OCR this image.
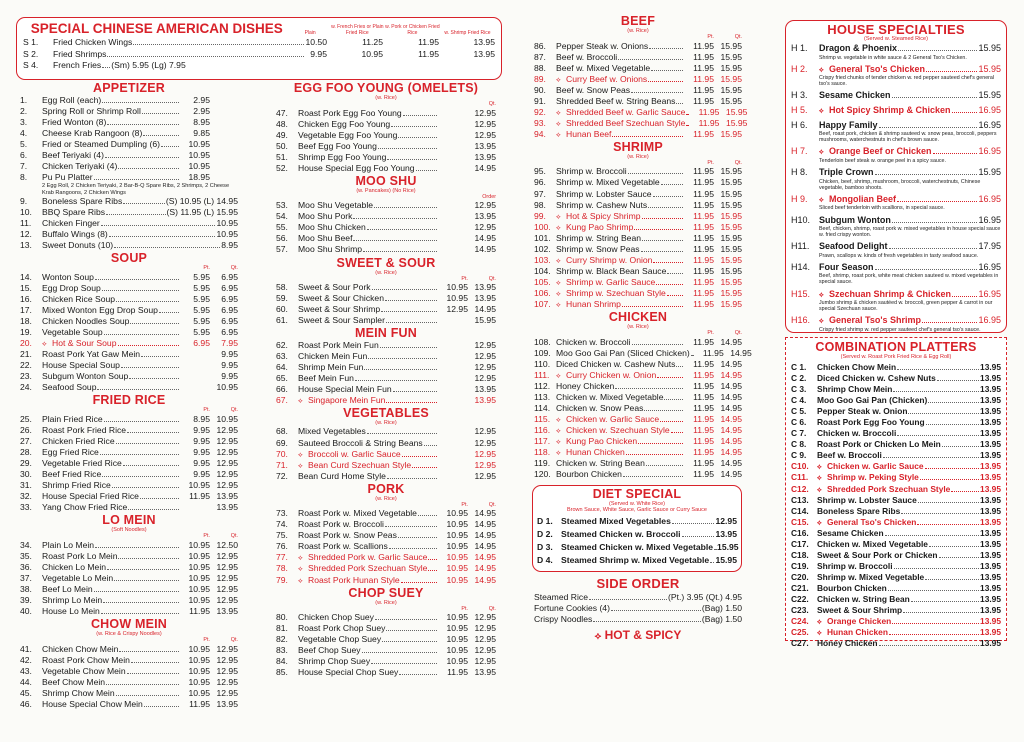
SPECIAL CHINESE AMERICAN DISHES	Plain
w. French Fries or Plain Fried Rice
w. Pork or Chicken Fried Rice	w. Shrimp Fried Rice
S 1.	Fried Chicken Wings	10.50	11.25	11.95	13.95
S 2.	Fried Shrimps	9.95	10.95	11.95	13.95
S 4.	French Fries (Sm) 5.95 (Lg) 7.95
APPETIZER
1.	Egg Roll (each)	2.95
2.	Spring Roll or Shrimp Roll	2.95
3.	Fried Wonton (8)	8.95
4.	Cheese Krab Rangoon (8)	9.85
5.	Fried or Steamed Dumpling (6)	10.95
6.	Beef Teriyaki (4)	10.95
7.	Chicken Teriyaki (4)	10.95
8.	Pu Pu Platter	18.95
2 Egg Roll, 2 Chicken Teriyaki, 2 Bar-B-Q Spare Ribs, 2 Shrimps, 2 Cheese Krab Rangoons, 2 Chicken Wings
9.	Boneless Spare Ribs	(S) 10.95 (L) 14.95
10.	BBQ Spare Ribs	(S) 11.95 (L) 15.95
11.	Chicken Finger	10.95
12.	Buffalo Wings (8)	10.95
13.	Sweet Donuts (10)	8.95
SOUP
Pt.	Qt.
14.	Wonton Soup	5.95	6.95
15.	Egg Drop Soup	5.95	6.95
16.	Chicken Rice Soup	5.95	6.95
17.	Mixed Wonton Egg Drop Soup	5.95	6.95
18.	Chicken Noodles Soup	5.95	6.95
19.	Vegetable Soup	5.95	6.95
20.	⟡ Hot & Sour Soup	6.95	7.95
21.	Roast Pork Yat Gaw Mein	9.95
22.	House Special Soup	9.95
23.	Subgum Wonton Soup	9.95
24.	Seafood Soup	10.95
FRIED RICE
Pt.	Qt.
25.	Plain Fried Rice	8.95 10.95
26.	Roast Pork Fried Rice	9.95 12.95
27.	Chicken Fried Rice	9.95 12.95
28.	Egg Fried Rice	9.95 12.95
29.	Vegetable Fried Rice	9.95 12.95
30.	Beef Fried Rice	9.95 12.95
31.	Shrimp Fried Rice	10.95 12.95
32.	House Special Fried Rice	11.95 13.95
33.	Yang Chow Fried Rice	13.95
LO MEIN
(Soft Noodles)
Pt.	Qt.
34.	Plain Lo Mein	10.95 12.50
35.	Roast Pork Lo Mein	10.95 12.95
36.	Chicken Lo Mein	10.95 12.95
37.	Vegetable Lo Mein	10.95 12.95
38.	Beef Lo Mein	10.95 12.95
39.	Shrimp Lo Mein	10.95 12.95
40.	House Lo Mein	11.95 13.95
CHOW MEIN
(w. Rice & Crispy Noodles)
Pt.	Qt.
41.	Chicken Chow Mein	10.95 12.95
42.	Roast Pork Chow Mein	10.95 12.95
43.	Vegetable Chow Mein	10.95 12.95
44.	Beef Chow Mein	10.95 12.95
45.	Shrimp Chow Mein	10.95 12.95
46.	House Special Chow Mein	11.95 13.95
EGG FOO YOUNG (OMELETS)
(w. Rice)
Qt.
47.	Roast Pork Egg Foo Young	12.95
48.	Chicken Egg Foo Young	12.95
49.	Vegetable Egg Foo Young	12.95
50.	Beef Egg Foo Young	13.95
51.	Shrimp Egg Foo Young	13.95
52.	House Special Egg Foo Young	14.95
MOO SHU
(w. Pancakes) (No Rice)
Order
53.	Moo Shu Vegetable	12.95
54.	Moo Shu Pork	13.95
55.	Moo Shu Chicken	12.95
56.	Moo Shu Beef	14.95
57.	Moo Shu Shrimp	14.95
SWEET & SOUR
(w. Rice)
Pt.	Qt.
58.	Sweet & Sour Pork	10.95 13.95
59.	Sweet & Sour Chicken	10.95 13.95
60.	Sweet & Sour Shrimp	12.95 14.95
61.	Sweet & Sour Sampler	15.95
MEIN FUN
62.	Roast Pork Mein Fun	12.95
63.	Chicken Mein Fun	12.95
64.	Shrimp Mein Fun	12.95
65.	Beef Mein Fun	12.95
66.	House Special Mein Fun	13.95
67.	⟡ Singapore Mein Fun	13.95
VEGETABLES
(w. Rice)
68.	Mixed Vegetables	12.95
69.	Sauteed Broccoli & String Beans	12.95
70.	⟡ Broccoli w. Garlic Sauce	12.95
71.	⟡ Bean Curd Szechuan Style	12.95
72.	Bean Curd Home Style	12.95
PORK
(w. Rice)
Pt.	Qt.
73.	Roast Pork w. Mixed Vegetable	10.95 14.95
74.	Roast Pork w. Broccoli	10.95 14.95
75.	Roast Pork w. Snow Peas	10.95 14.95
76.	Roast Pork w. Scallions	10.95 14.95
77.	⟡ Shredded Pork w. Garlic Sauce	10.95 14.95
78.	⟡ Shredded Pork Szechuan Style	10.95 14.95
79.	⟡ Roast Pork Hunan Style	10.95 14.95
CHOP SUEY
(w. Rice)
Pt.	Qt.
80.	Chicken Chop Suey	10.95 12.95
81.	Roast Pork Chop Suey	10.95 12.95
82.	Vegetable Chop Suey	10.95 12.95
83.	Beef Chop Suey	10.95 12.95
84.	Shrimp Chop Suey	10.95 12.95
85.	House Special Chop Suey	11.95 13.95
BEEF
(w. Rice)
Pt.	Qt.
86.	Pepper Steak w. Onions	11.95 15.95
87.	Beef w. Broccoli	11.95 15.95
88.	Beef w. Mixed Vegetable	11.95 15.95
89.	⟡ Curry Beef w. Onions	11.95 15.95
90.	Beef w. Snow Peas	11.95 15.95
91.	Shredded Beef w. String Beans	11.95 15.95
92.	⟡ Shredded Beef w. Garlic Sauce	11.95 15.95
93.	⟡ Shredded Beef Szechuan Style	11.95 15.95
94.	⟡ Hunan Beef	11.95 15.95
SHRIMP
(w. Rice)
Pt.	Qt.
95.	Shrimp w. Broccoli	11.95 15.95
96.	Shrimp w. Mixed Vegetable	11.95 15.95
97.	Shrimp w. Lobster Sauce	11.95 15.95
98.	Shrimp w. Cashew Nuts	11.95 15.95
99.	⟡ Hot & Spicy Shrimp	11.95 15.95
100. ⟡ Kung Pao Shrimp	11.95 15.95
101. Shrimp w. String Bean	11.95 15.95
102. Shrimp w. Snow Peas	11.95 15.95
103. ⟡ Curry Shrimp w. Onion	11.95 15.95
104. Shrimp w. Black Bean Sauce	11.95 15.95
105. ⟡ Shrimp w. Garlic Sauce	11.95 15.95
106. ⟡ Shrimp w. Szechuan Style	11.95 15.95
107. ⟡ Hunan Shrimp	11.95 15.95
CHICKEN
(w. Rice)
Pt.	Qt.
108. Chicken w. Broccoli	11.95 14.95
109. Moo Goo Gai Pan (Sliced Chicken)	11.95 14.95
110. Diced Chicken w. Cashew Nuts	11.95 14.95
111. ⟡ Curry Chicken w. Onion	11.95 14.95
112. Honey Chicken	11.95 14.95
113. Chicken w. Mixed Vegetable	11.95 14.95
114. Chicken w. Snow Peas	11.95 14.95
115. ⟡ Chicken w. Garlic Sauce	11.95 14.95
116. ⟡ Chicken w. Szechuan Style	11.95 14.95
117. ⟡ Kung Pao Chicken	11.95 14.95
118. ⟡ Hunan Chicken	11.95 14.95
119. Chicken w. String Bean	11.95 14.95
120. Bourbon Chicken	11.95 14.95
DIET SPECIAL
(Served w. White Rice)
Brown Sauce, White Sauce, Garlic Sauce or Curry Sauce
D 1. Steamed Mixed Vegetables	12.95
D 2. Steamed Chicken w. Broccoli	13.95
D 3. Steamed Chicken w. Mixed Vegetable 15.95
D 4. Steamed Shrimp w. Mixed Vegetable 15.95
SIDE ORDER
Steamed Rice	(Pt.) 3.95 (Qt.) 4.95
Fortune Cookies (4)	(Bag) 1.50
Crispy Noodles	(Bag) 1.50
⟡ HOT & SPICY
HOUSE SPECIALTIES
(Served w. Steamed Rice)
H 1.	Dragon & Phoenix	15.95
Shrimp w. vegetable in white sauce & 2 General Tso's Chicken.
H 2.	⟡ General Tso's Chicken	15.95
Crispy fried chunks of tender chicken w. red pepper sauteed chef's general tso's sauce.
H 3.	Sesame Chicken	15.95
H 5.	⟡ Hot Spicy Shrimp & Chicken	16.95
H 6.	Happy Family	16.95
Beef, roast pork, chicken & shrimp sauteed w. snow peas, broccoli, peppers mushrooms, waterchestnuts in chef's brown sauce.
H 7.	⟡ Orange Beef or Chicken	16.95
Tenderloin beef steak w. orange peel in a spicy sauce.
H 8.	Triple Crown	15.95
Chicken, beef, shrimp, mushroom, broccoli, waterchestnuts, Chinese vegetable, bamboo shoots.
H 9.	⟡ Mongolian Beef	16.95
Sliced beef tenderloin with scallions, in special sauce.
H10. Subgum Wonton	16.95
Beef, chicken, shrimp, roast pork w. mixed vegetables in house special sauce w. fried crispy wonton.
H11.	Seafood Delight	17.95
Prawn, scallops w. kinds of fresh vegetables in tasty seafood sauce.
H14. Four Season	16.95
Beef, shrimp, roast pork, white meat chicken sauteed w. mixed vegetables in special sauce.
H15.	⟡ Szechuan Shrimp & Chicken	16.95
Jumbo shrimp & chicken sautéed w. broccoli, green pepper & carrot in our special Szechuan sauce.
H16.	⟡ General Tso's Shrimp	16.95
Crispy fried shrimp w. red pepper sauteed chef's general tso's sauce.
COMBINATION PLATTERS
(Served w. Roast Pork Fried Rice & Egg Roll)
C 1.	Chicken Chow Mein	13.95
C 2.	Diced Chicken w. Cshew Nuts	13.95
C 3.	Shrimp Chow Mein	13.95
C 4.	Moo Goo Gai Pan (Chicken)	13.95
C 5.	Pepper Steak w. Onion	13.95
C 6.	Roast Pork Egg Foo Young	13.95
C 7.	Chicken w. Broccoli	13.95
C 8.	Roast Pork or Chicken Lo Mein	13.95
C 9.	Beef w. Broccoli	13.95
C10.	⟡ Chicken w. Garlic Sauce	13.95
C11.	⟡ Shrimp w. Peking Style	13.95
C12.	⟡ Shredded Pork Szechuan Style	13.95
C13. Shrimp w. Lobster Sauce	13.95
C14. Boneless Spare Ribs	13.95
C15.	⟡ General Tso's Chicken	13.95
C16. Sesame Chicken	13.95
C17. Chicken w. Mixed Vegetable	13.95
C18. Sweet & Sour Pork or Chicken	13.95
C19. Shrimp w. Broccoli	13.95
C20. Shrimp w. Mixed Vegetable	13.95
C21. Bourbon Chicken	13.95
C22. Chicken w. String Bean	13.95
C23. Sweet & Sour Shrimp	13.95
C24.	⟡ Orange Chicken	13.95
C25.	⟡ Hunan Chicken	13.95
C27. Honey Chicken	13.95
